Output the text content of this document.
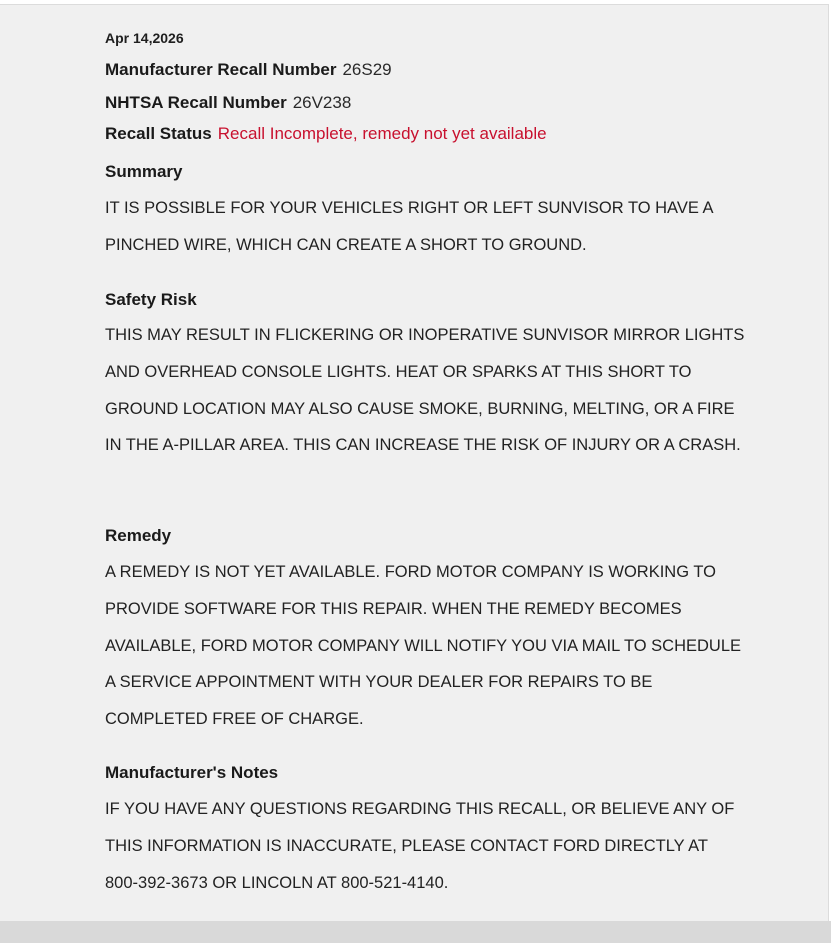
Apr 14,2026
Manufacturer Recall Number 26S29
NHTSA Recall Number 26V238
Recall Status Recall Incomplete, remedy not yet available
Summary

IT IS POSSIBLE FOR YOUR VEHICLES RIGHT OR LEFT SUNVISOR TO HAVE A PINCHED WIRE, WHICH CAN CREATE A SHORT TO GROUND.

Safety Risk

THIS MAY RESULT IN FLICKERING OR INOPERATIVE SUNVISOR MIRROR LIGHTS AND OVERHEAD CONSOLE LIGHTS. HEAT OR SPARKS AT THIS SHORT TO GROUND LOCATION MAY ALSO CAUSE SMOKE, BURNING, MELTING, OR A FIRE IN THE A-PILLAR AREA. THIS CAN INCREASE THE RISK OF INJURY OR A CRASH.

Remedy

A REMEDY IS NOT YET AVAILABLE. FORD MOTOR COMPANY IS WORKING TO PROVIDE SOFTWARE FOR THIS REPAIR. WHEN THE REMEDY BECOMES AVAILABLE, FORD MOTOR COMPANY WILL NOTIFY YOU VIA MAIL TO SCHEDULE A SERVICE APPOINTMENT WITH YOUR DEALER FOR REPAIRS TO BE COMPLETED FREE OF CHARGE.

Manufacturer's Notes

IF YOU HAVE ANY QUESTIONS REGARDING THIS RECALL, OR BELIEVE ANY OF THIS INFORMATION IS INACCURATE, PLEASE CONTACT FORD DIRECTLY AT 800-392-3673 OR LINCOLN AT 800-521-4140.
